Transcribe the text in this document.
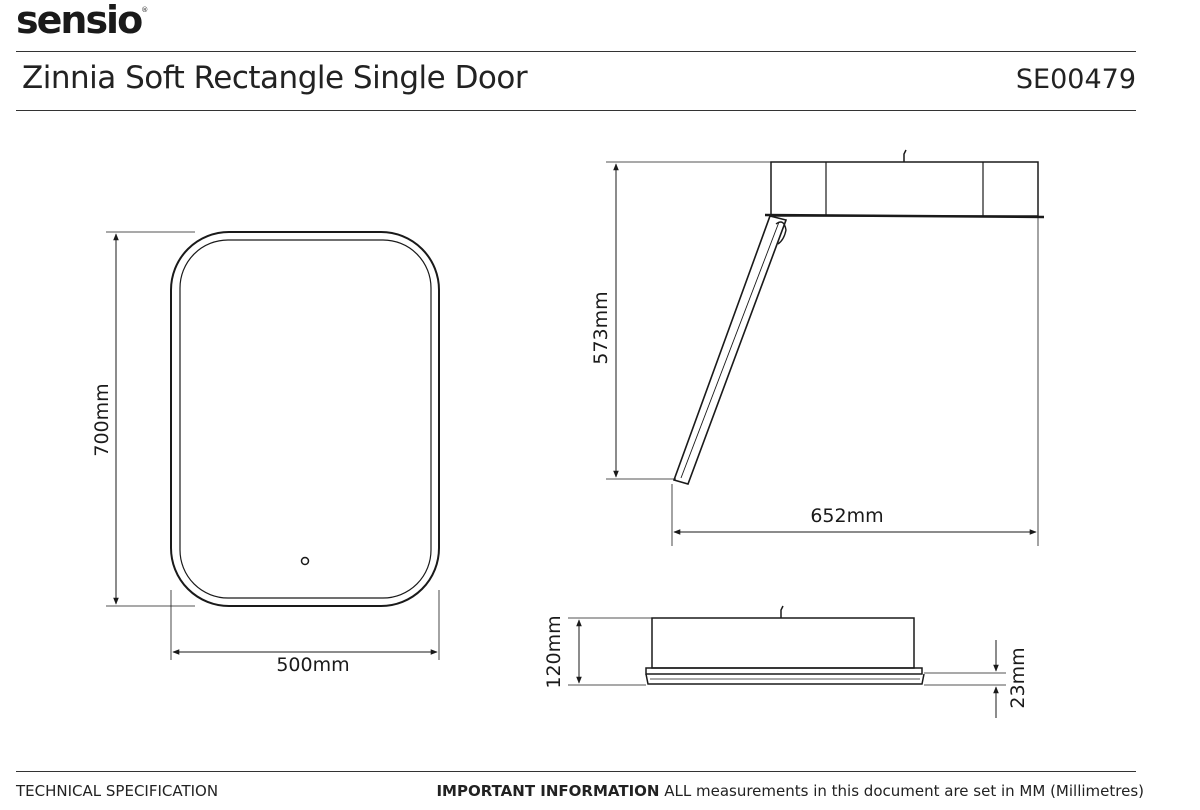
sensio®
Zinnia Soft Rectangle Single Door	SE00479
700mm
500mm
573mm
652mm
120mm	23mm
TECHNICAL SPECIFICATION	IMPORTANT INFORMATION ALL measurements in this document are set in MM (Millimetres)
